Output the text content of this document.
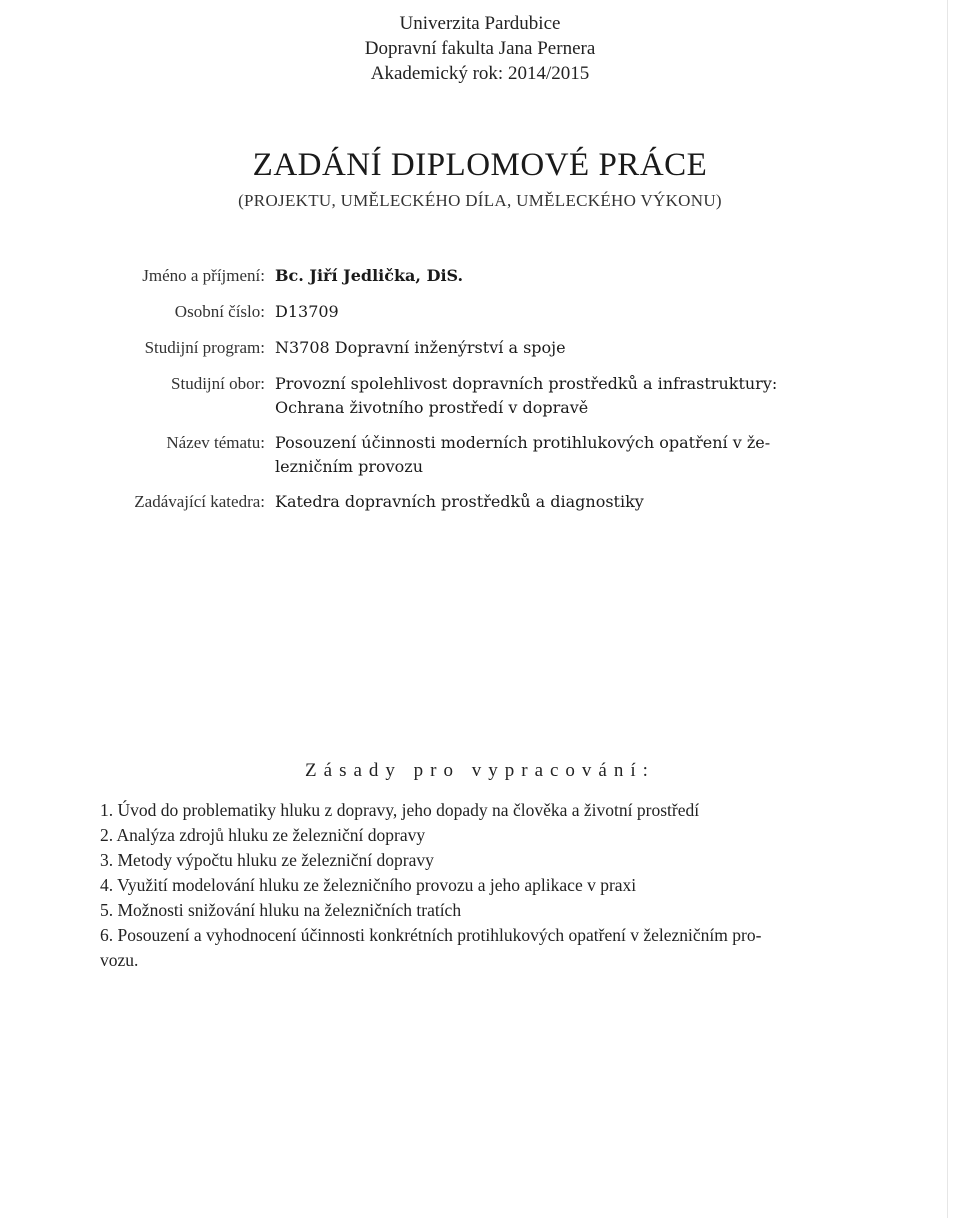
Univerzita Pardubice
Dopravní fakulta Jana Pernera
Akademický rok: 2014/2015
ZADÁNÍ DIPLOMOVÉ PRÁCE
(PROJEKTU, UMĚLECKÉHO DÍLA, UMĚLECKÉHO VÝKONU)
Jméno a příjmení: Bc. Jiří Jedlička, DiS.
Osobní číslo: D13709
Studijní program: N3708 Dopravní inženýrství a spoje
Studijní obor: Provozní spolehlivost dopravních prostředků a infrastruktury:
Ochrana životního prostředí v dopravě
Název tématu: Posouzení účinnosti moderních protihlukových opatření v že-
lezničním provozu
Zadávající katedra: Katedra dopravních prostředků a diagnostiky
Zásady pro vypracování:
1. Úvod do problematiky hluku z dopravy, jeho dopady na člověka a životní prostředí
2. Analýza zdrojů hluku ze železniční dopravy
3. Metody výpočtu hluku ze železniční dopravy
4. Využití modelování hluku ze železničního provozu a jeho aplikace v praxi
5. Možnosti snižování hluku na železničních tratích
6. Posouzení a vyhodnocení účinnosti konkrétních protihlukových opatření v železničním pro-
vozu.
